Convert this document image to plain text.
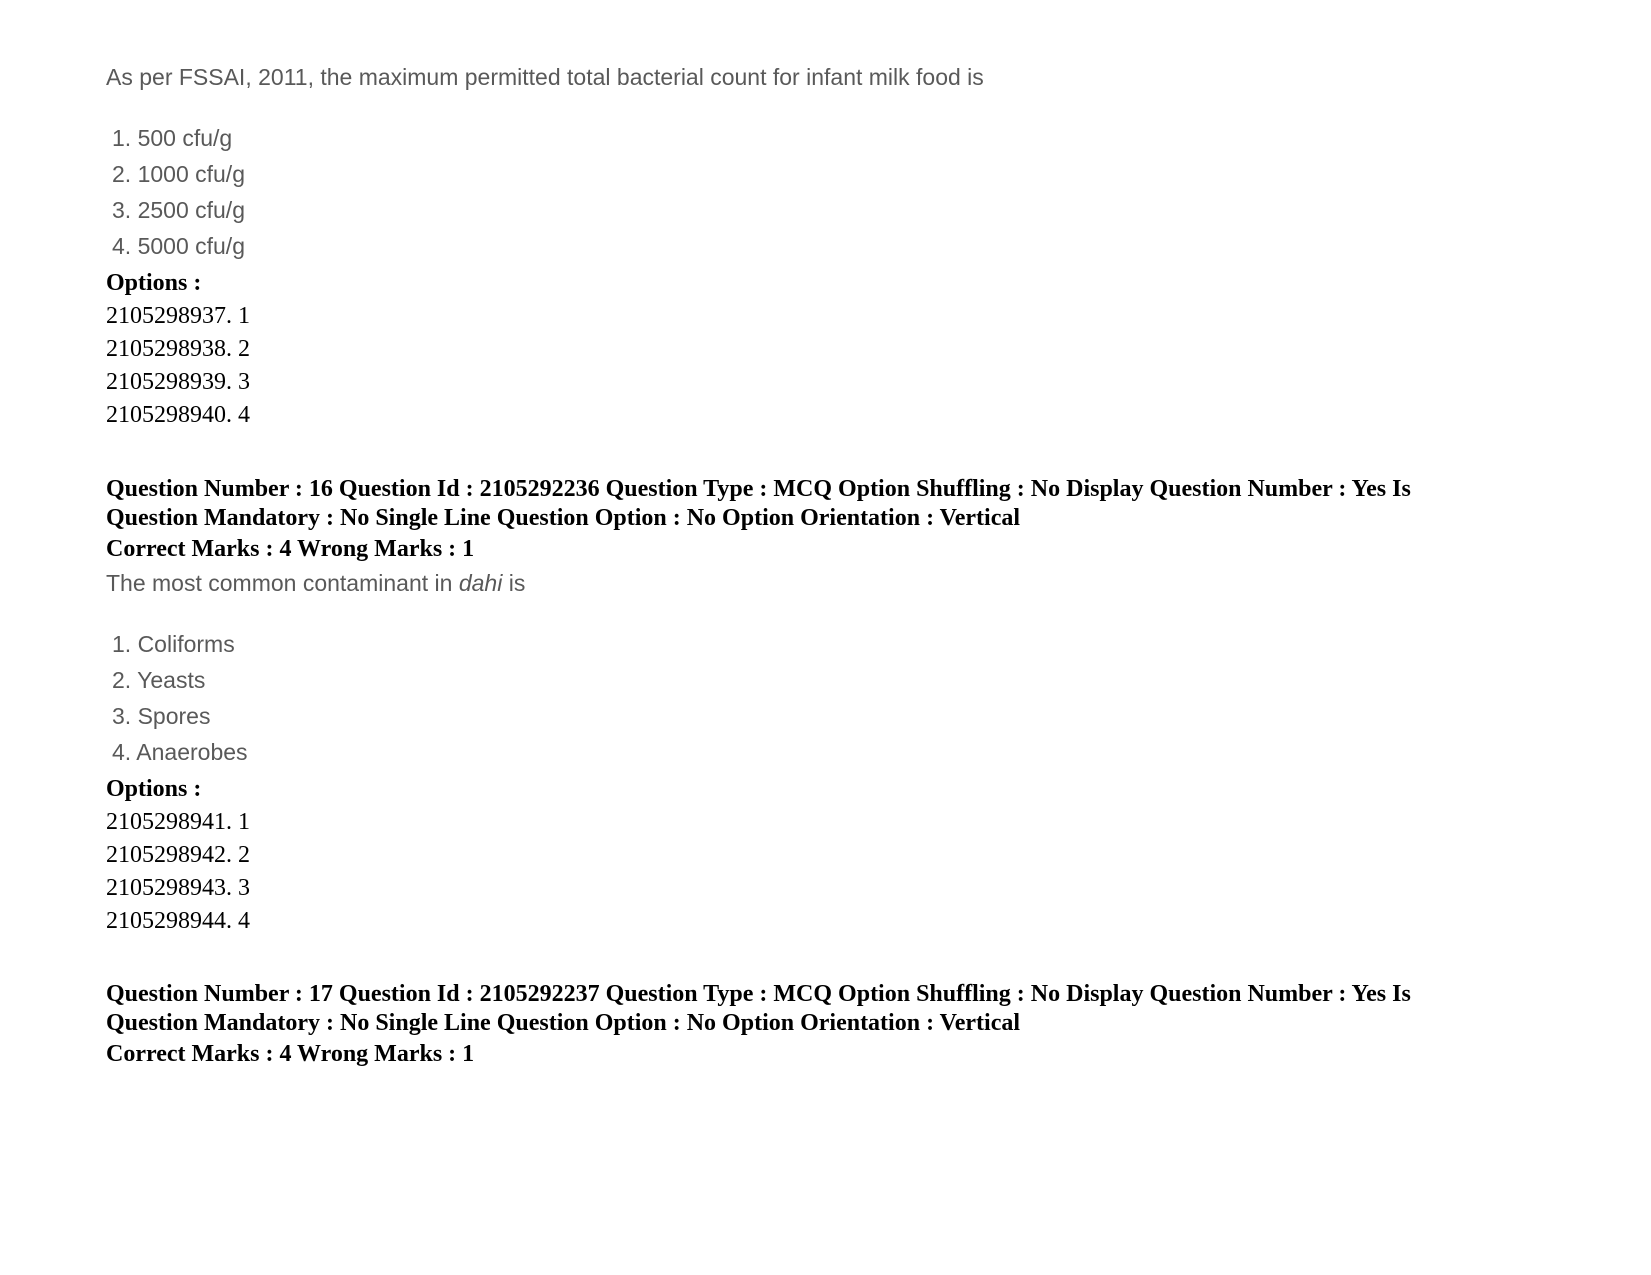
As per FSSAI, 2011, the maximum permitted total bacterial count for infant milk food is
1. 500 cfu/g
2. 1000 cfu/g
3. 2500 cfu/g
4. 5000 cfu/g
Options :
2105298937. 1
2105298938. 2
2105298939. 3
2105298940. 4
Question Number : 16 Question Id : 2105292236 Question Type : MCQ Option Shuffling : No Display Question Number : Yes Is
Question Mandatory : No Single Line Question Option : No Option Orientation : Vertical
Correct Marks : 4 Wrong Marks : 1
The most common contaminant in dahi is
1. Coliforms
2. Yeasts
3. Spores
4. Anaerobes
Options :
2105298941. 1
2105298942. 2
2105298943. 3
2105298944. 4
Question Number : 17 Question Id : 2105292237 Question Type : MCQ Option Shuffling : No Display Question Number : Yes Is
Question Mandatory : No Single Line Question Option : No Option Orientation : Vertical
Correct Marks : 4 Wrong Marks : 1
